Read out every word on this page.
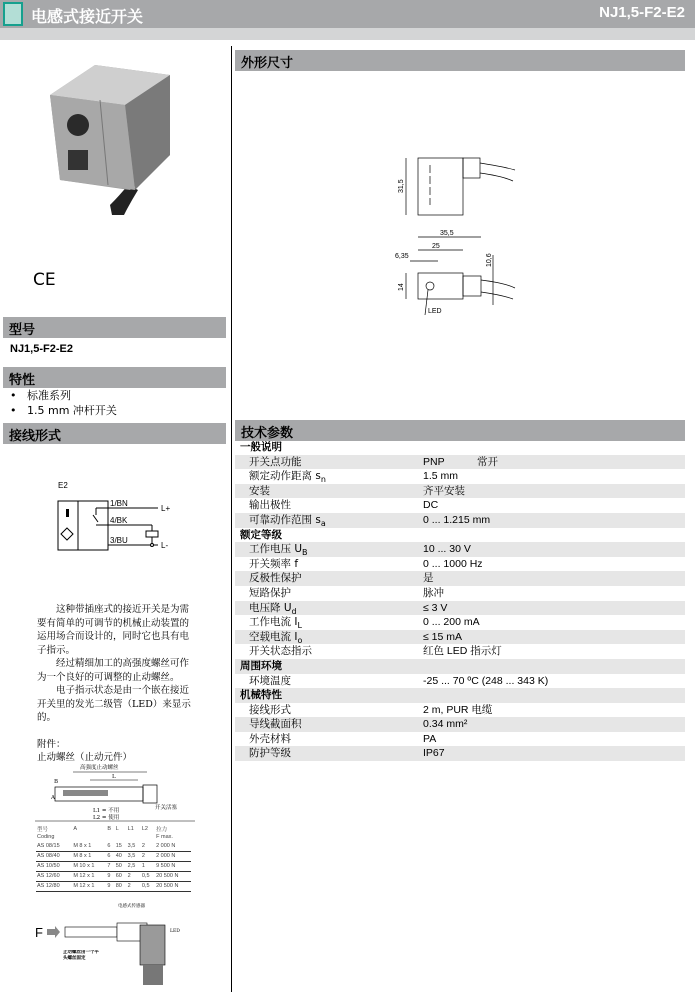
电感式接近开关	NJ1,5-F2-E2
CE
型号
NJ1,5-F2-E2
特性
•   标准系列
•   1.5 mm 冲杆开关
接线形式
E2
1/BN
4/BK
3/BU
L+
L-

这种带插座式的接近开关是为需要有简单的可调节的机械止动装置的运用场合而设计的，同时它也具有电子指示。

经过精细加工的高强度螺丝可作为一个良好的可调整的止动螺丝。

电子指示状态是由一个嵌在接近开关里的发光二级管（LED）来显示的。

附件：
止动螺丝（止动元件）
高强度止动螺丝
L
A
B
开关活塞
L1 = 不用
L2 = 使用
型号	A	B	L	L1	L2	拉力
Coding						F max.
AS 08/15	M 8 x 1	6	15	3,5	2	2 000 N
AS 08/40	M 8 x 1	6	40	3,5	2	2 000 N
AS 10/50	M 10 x 1	7	50	2,5	1	9 500 N
AS 12/60	M 12 x 1	9	60	2	0,5	20 500 N
AS 12/80	M 12 x 1	9	80	2	0,5	20 500 N
F
电感式传感器
LED
止动螺丝由一个平头螺丝固定
外形尺寸
31,5
35,5
25
6,35	10,6
14
LED
技术参数
一般说明
开关点功能	PNP	常开
额定动作距离 $s_n$	1.5 mm
安装	齐平安装
输出极性	DC
可靠动作范围 $s_a$	0 ... 1.215 mm
额定等级
工作电压 $U_B$	10 ... 30 V
开关频率 f	0 ... 1000 Hz
反极性保护	是
短路保护	脉冲
电压降 $U_d$	≤ 3 V
工作电流 $I_L$	0 ... 200 mA
空载电流 $I_o$	≤ 15 mA
开关状态指示	红色 LED 指示灯
周围环境
环境温度	-25 ... 70 ºC (248 ... 343 K)
机械特性
接线形式	2 m, PUR 电缆
导线截面积	0.34 mm²
外壳材料	PA
防护等级	IP67
